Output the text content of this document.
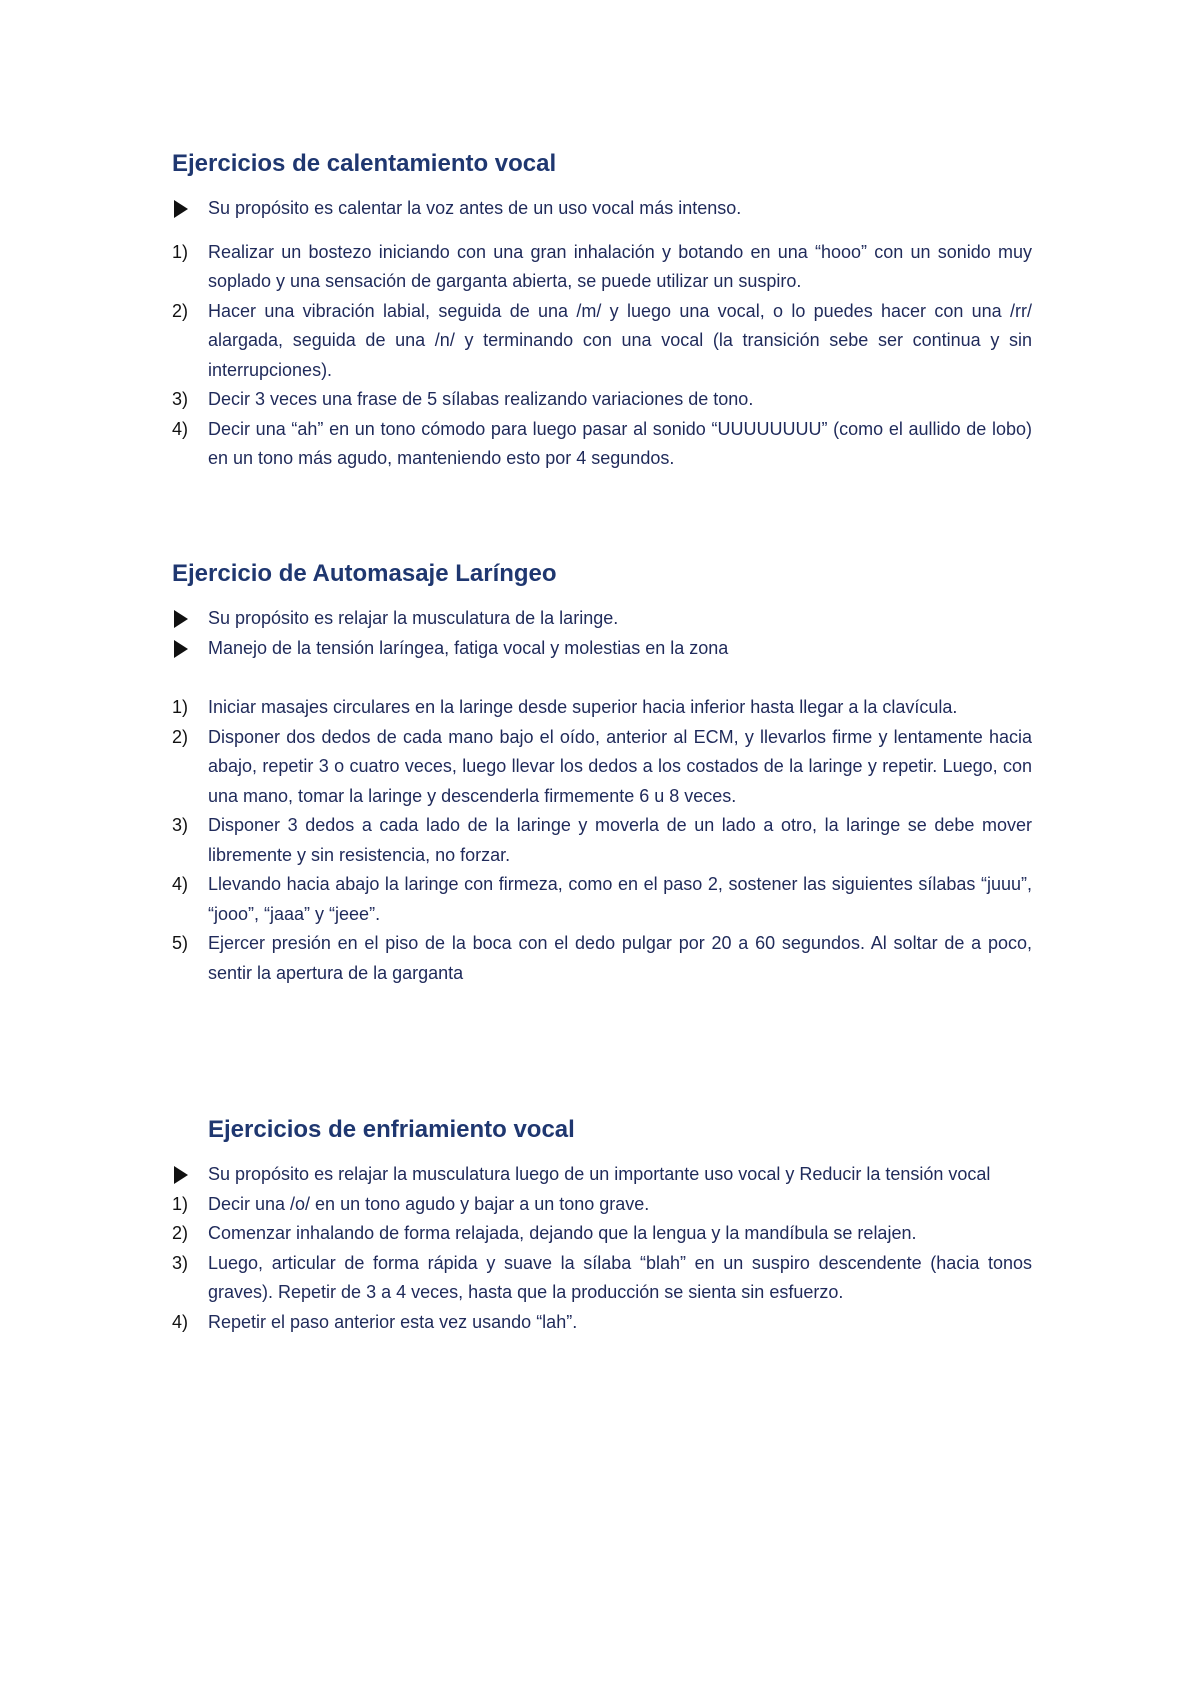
Ejercicios de calentamiento vocal
Su propósito es calentar la voz antes de un uso vocal más intenso.
1) Realizar un bostezo iniciando con una gran inhalación y botando en una “hooo” con un sonido muy soplado y una sensación de garganta abierta, se puede utilizar un suspiro.
2) Hacer una vibración labial, seguida de una /m/ y luego una vocal, o lo puedes hacer con una /rr/ alargada, seguida de una /n/ y terminando con una vocal (la transición sebe ser continua y sin interrupciones).
3) Decir 3 veces una frase de 5 sílabas realizando variaciones de tono.
4) Decir una “ah” en un tono cómodo para luego pasar al sonido “UUUUUUUU” (como el aullido de lobo) en un tono más agudo, manteniendo esto por 4 segundos.
Ejercicio de Automasaje Laríngeo
Su propósito es relajar la musculatura de la laringe.
Manejo de la tensión laríngea, fatiga vocal y molestias en la zona
1) Iniciar masajes circulares en la laringe desde superior hacia inferior hasta llegar a la clavícula.
2) Disponer dos dedos de cada mano bajo el oído, anterior al ECM, y llevarlos firme y lentamente hacia abajo, repetir 3 o cuatro veces, luego llevar los dedos a los costados de la laringe y repetir. Luego, con una mano, tomar la laringe y descenderla firmemente 6 u 8 veces.
3) Disponer 3 dedos a cada lado de la laringe y moverla de un lado a otro, la laringe se debe mover libremente y sin resistencia, no forzar.
4) Llevando hacia abajo la laringe con firmeza, como en el paso 2, sostener las siguientes sílabas “juuu”, “jooo”, “jaaa” y “jeee”.
5) Ejercer presión en el piso de la boca con el dedo pulgar por 20 a 60 segundos. Al soltar de a poco, sentir la apertura de la garganta
Ejercicios de enfriamiento vocal
Su propósito es relajar la musculatura luego de un importante uso vocal y Reducir la tensión vocal
1) Decir una /o/ en un tono agudo y bajar a un tono grave.
2) Comenzar inhalando de forma relajada, dejando que la lengua y la mandíbula se relajen.
3) Luego, articular de forma rápida y suave la sílaba “blah” en un suspiro descendente (hacia tonos graves). Repetir de 3 a 4 veces, hasta que la producción se sienta sin esfuerzo.
4) Repetir el paso anterior esta vez usando “lah”.
